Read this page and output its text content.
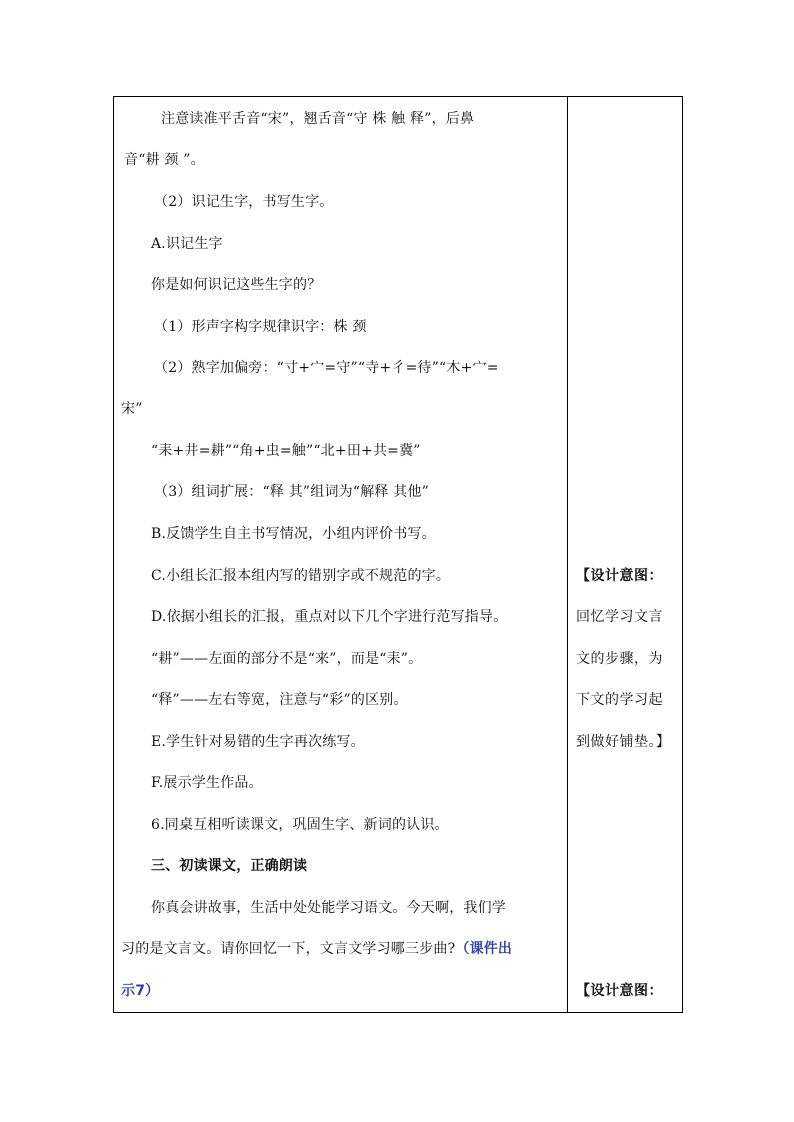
注意读准平舌音“宋”，翘舌音“守 株 触 释”，后鼻
音“耕 颈 ”。
（2）识记生字，书写生字。
A.识记生字
你是如何识记这些生字的？
（1）形声字构字规律识字：株 颈
（2）熟字加偏旁：“寸+宀=守”“寺+彳=待”“木+宀=
宋”
“耒+井=耕”“角+虫=触”“北+田+共=冀”
（3）组词扩展：“释 其”组词为“解释 其他”
B.反馈学生自主书写情况，小组内评价书写。
C.小组长汇报本组内写的错别字或不规范的字。
D.依据小组长的汇报，重点对以下几个字进行范写指导。
“耕”——左面的部分不是“来”，而是“耒”。
“释”——左右等宽，注意与“彩”的区别。
E.学生针对易错的生字再次练写。
F.展示学生作品。
6.同桌互相听读课文，巩固生字、新词的认识。
三、初读课文，正确朗读
你真会讲故事，生活中处处能学习语文。今天啊，我们学
习的是文言文。请你回忆一下，文言文学习哪三步曲?（课件出
示7）
【设计意图：
回忆学习文言
文的步骤，为
下文的学习起
到做好铺垫。】
【设计意图：
